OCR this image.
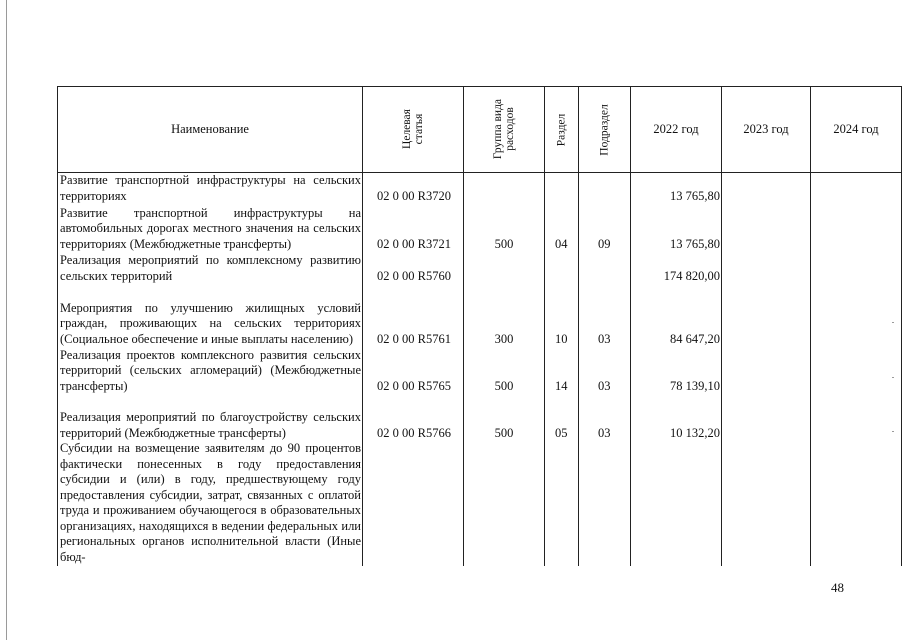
Наименование	Целевая статья	Группа вида расходов	Раздел	Подраздел	2022 год	2023 год	2024 год
Развитие транспортной инфраструктуры на сельских территориях	02 0 00 R3720				13 765,80		
Развитие транспортной инфраструктуры на автомобильных дорогах местного значения на сельских территориях (Межбюджетные трансферты)	02 0 00 R3721	500	04	09	13 765,80		
Реализация мероприятий по комплексному развитию сельских территорий	02 0 00 R5760				174 820,00		
Мероприятия по улучшению жилищных условий граждан, проживающих на сельских территориях (Социальное обеспечение и иные выплаты населению)	02 0 00 R5761	300	10	03	84 647,20		
Реализация проектов комплексного развития сельских территорий (сельских агломераций) (Межбюджетные трансферты)	02 0 00 R5765	500	14	03	78 139,10		
Реализация мероприятий по благоустройству сельских территорий (Межбюджетные трансферты)	02 0 00 R5766	500	05	03	10 132,20		
Субсидии на возмещение заявителям до 90 процентов фактически понесенных в году предоставления субсидии и (или) в году, предшествующему году предоставления субсидии, затрат, связанных с оплатой труда и проживанием обучающегося в образовательных организациях, находящихся в ведении федеральных или региональных органов исполнительной власти (Иные бюд-							
48
